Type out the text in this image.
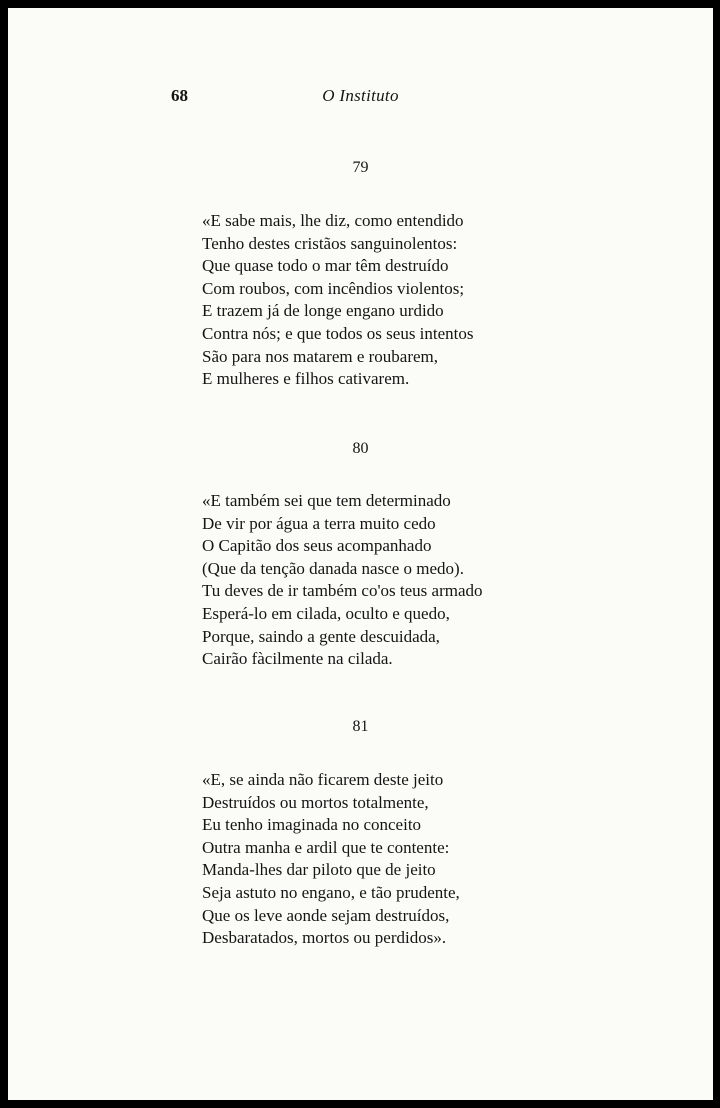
68	O Instituto
79
«E sabe mais, lhe diz, como entendido
Tenho destes cristãos sanguinolentos:
Que quase todo o mar têm destruído
Com roubos, com incêndios violentos;
E trazem já de longe engano urdido
Contra nós; e que todos os seus intentos
São para nos matarem e roubarem,
E mulheres e filhos cativarem.
80
«E também sei que tem determinado
De vir por água a terra muito cedo
O Capitão dos seus acompanhado
(Que da tenção danada nasce o medo).
Tu deves de ir também co'os teus armado
Esperá-lo em cilada, oculto e quedo,
Porque, saindo a gente descuidada,
Cairão fàcilmente na cilada.
81
«E, se ainda não ficarem deste jeito
Destruídos ou mortos totalmente,
Eu tenho imaginada no conceito
Outra manha e ardil que te contente:
Manda-lhes dar piloto que de jeito
Seja astuto no engano, e tão prudente,
Que os leve aonde sejam destruídos,
Desbaratados, mortos ou perdidos».
